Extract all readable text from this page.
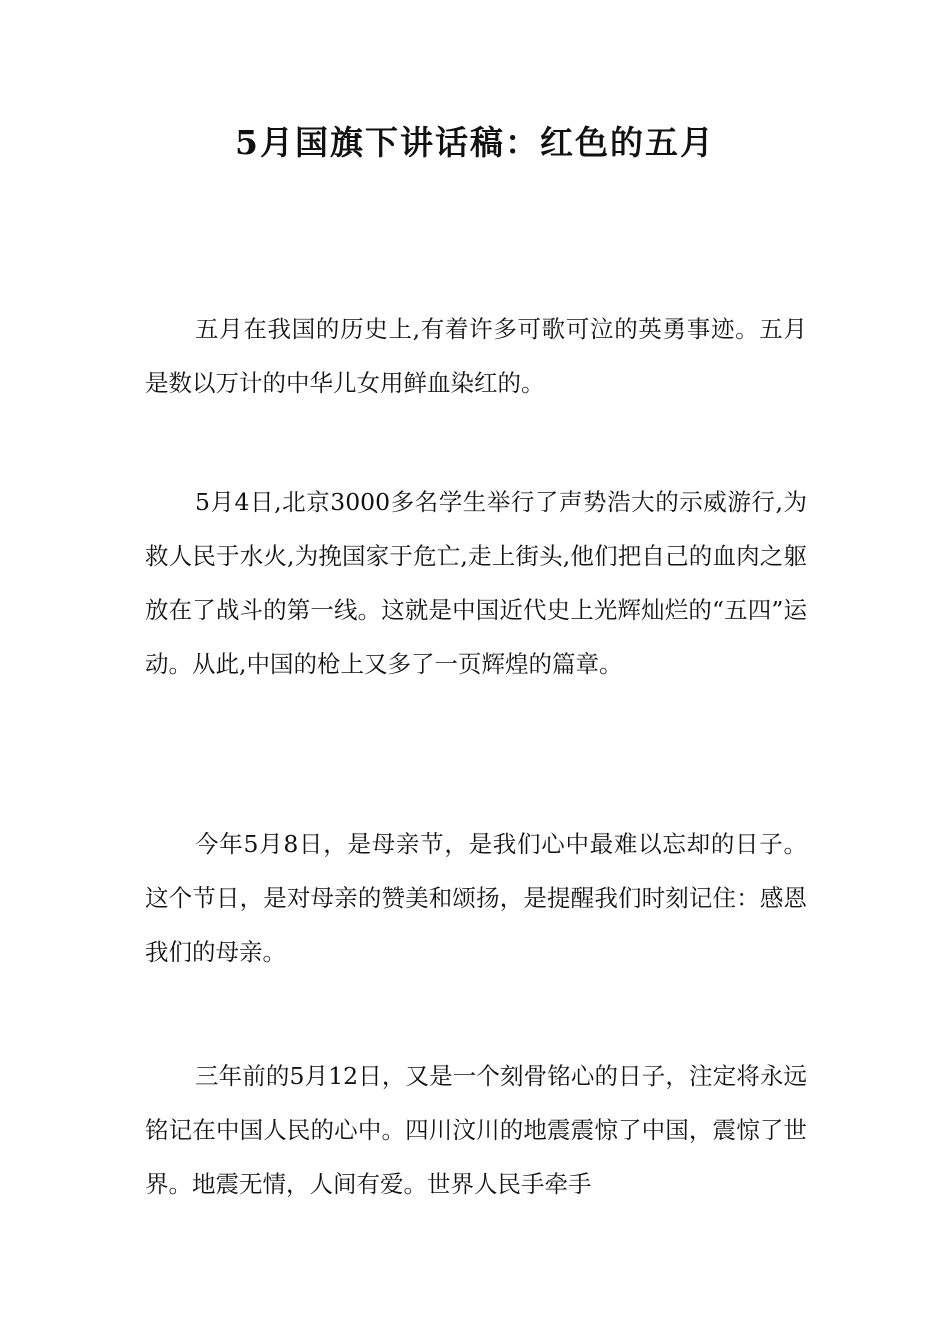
5月国旗下讲话稿：红色的五月

五月在我国的历史上,有着许多可歌可泣的英勇事迹。五月是数以万计的中华儿女用鲜血染红的。

5月4日,北京3000多名学生举行了声势浩大的示威游行,为救人民于水火,为挽国家于危亡,走上街头,他们把自己的血肉之躯放在了战斗的第一线。这就是中国近代史上光辉灿烂的“五四”运动。从此,中国的枪上又多了一页辉煌的篇章。

今年5月8日，是母亲节，是我们心中最难以忘却的日子。这个节日，是对母亲的赞美和颂扬，是提醒我们时刻记住：感恩我们的母亲。

三年前的5月12日，又是一个刻骨铭心的日子，注定将永远铭记在中国人民的心中。四川汶川的地震震惊了中国，震惊了世界。地震无情，人间有爱。世界人民手牵手
